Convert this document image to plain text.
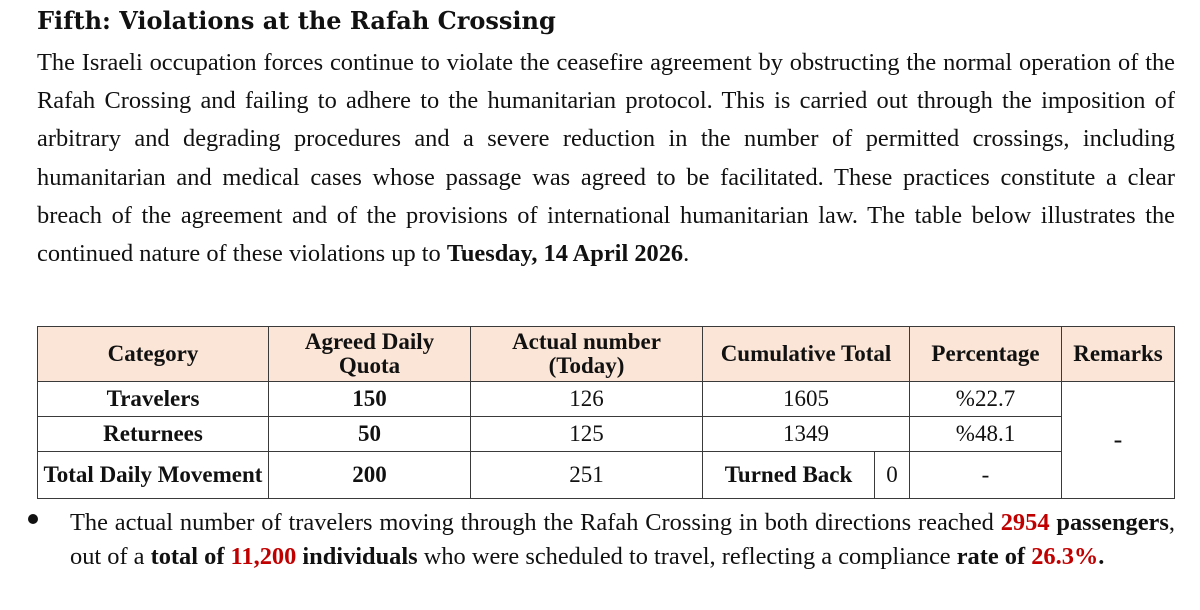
Fifth: Violations at the Rafah Crossing

The Israeli occupation forces continue to violate the ceasefire agreement by obstructing the normal operation of the Rafah Crossing and failing to adhere to the humanitarian protocol. This is carried out through the imposition of arbitrary and degrading procedures and a severe reduction in the number of permitted crossings, including humanitarian and medical cases whose passage was agreed to be facilitated. These practices constitute a clear breach of the agreement and of the provisions of international humanitarian law. The table below illustrates the continued nature of these violations up to Tuesday, 14 April 2026.

Category	Agreed Daily Quota	Actual number (Today)	Cumulative Total		Percentage	Remarks
Travelers	150	126	1605		%22.7	-
Returnees	50	125	1349		%48.1	
Total Daily Movement	200	251	Turned Back	0	-	

The actual number of travelers moving through the Rafah Crossing in both directions reached 2954 passengers, out of a total of 11,200 individuals who were scheduled to travel, reflecting a compliance rate of 26.3%.
